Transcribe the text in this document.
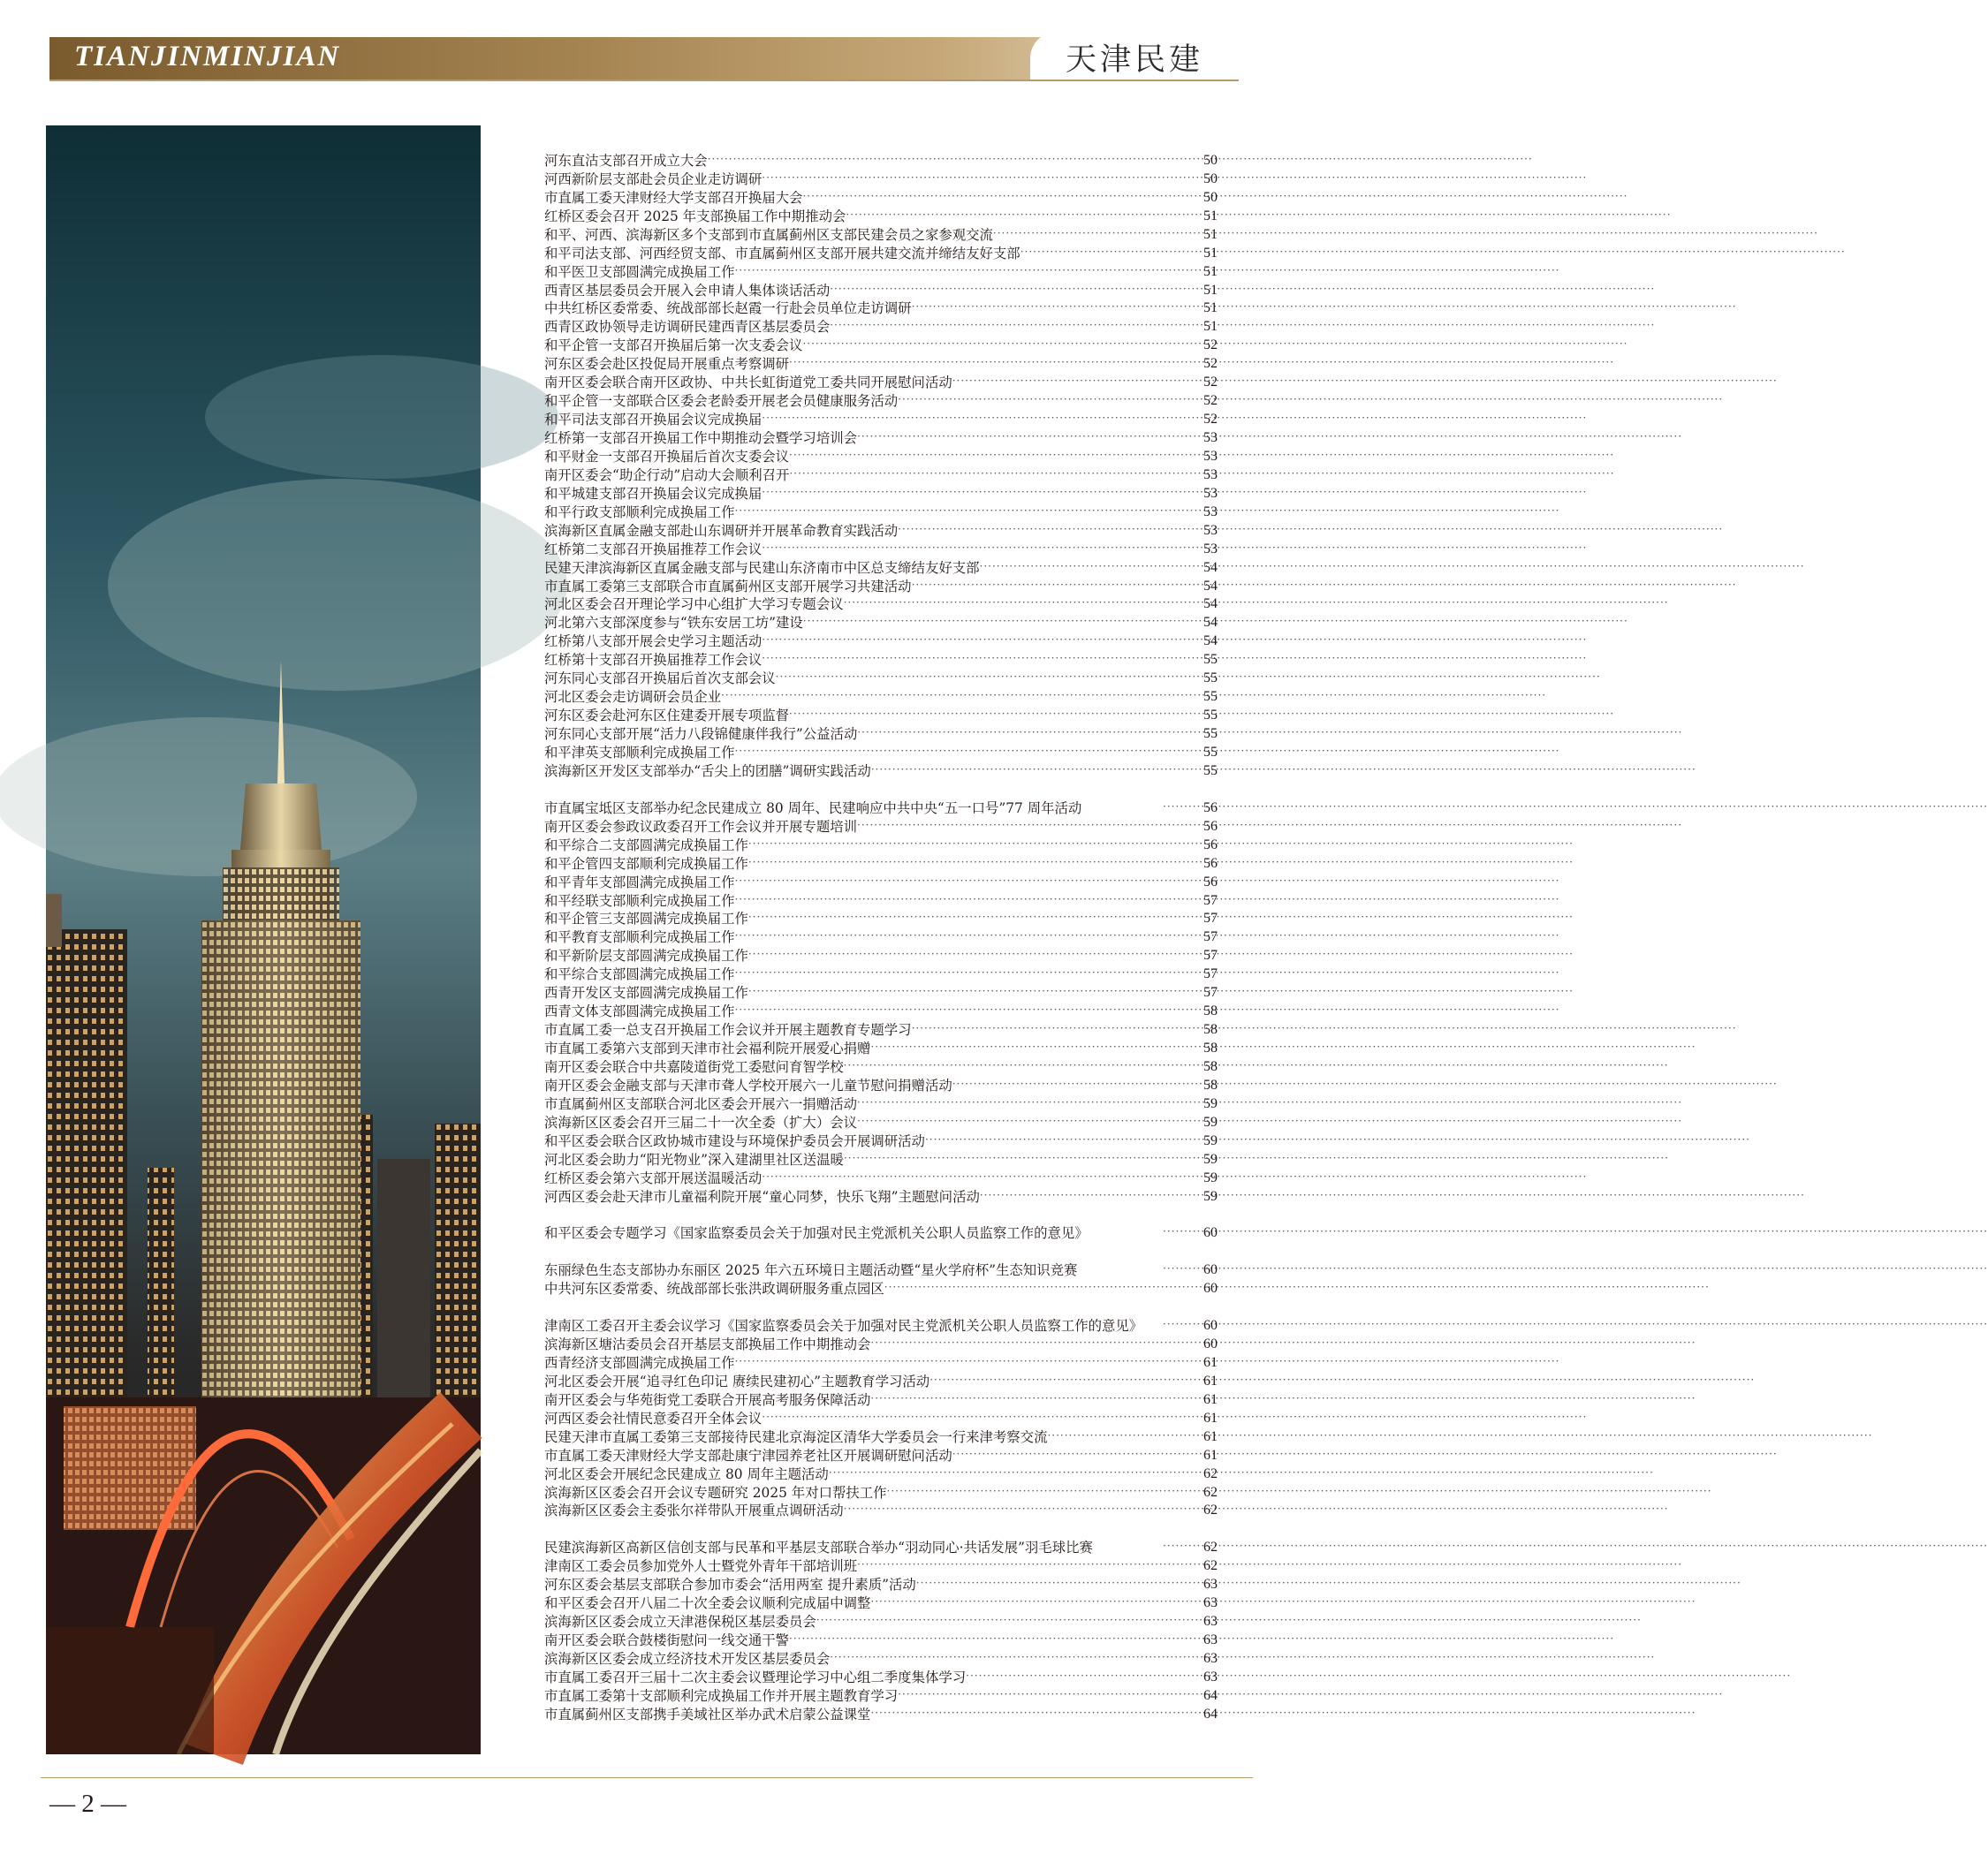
TIANJINMINJIAN	天津民建
河东直沽支部召开成立大会 ·····	50
河西新阶层支部赴会员企业走访调研 ·····	50
市直属工委天津财经大学支部召开换届大会 ·····	50
红桥区委会召开 2025 年支部换届工作中期推动会 ·····	51
和平、河西、滨海新区多个支部到市直属蓟州区支部民建会员之家参观交流 ·····	51
和平司法支部、河西经贸支部、市直属蓟州区支部开展共建交流并缔结友好支部 ·····	51
和平医卫支部圆满完成换届工作 ·····	51
西青区基层委员会开展入会申请人集体谈话活动 ·····	51
中共红桥区委常委、统战部部长赵霞一行赴会员单位走访调研 ·····	51
西青区政协领导走访调研民建西青区基层委员会 ·····	51
和平企管一支部召开换届后第一次支委会议 ·····	52
河东区委会赴区投促局开展重点考察调研 ·····	52
南开区委会联合南开区政协、中共长虹街道党工委共同开展慰问活动 ·····	52
和平企管一支部联合区委会老龄委开展老会员健康服务活动 ·····	52
和平司法支部召开换届会议完成换届 ·····	52
红桥第一支部召开换届工作中期推动会暨学习培训会 ·····	53
和平财金一支部召开换届后首次支委会议 ·····	53
南开区委会“助企行动”启动大会顺利召开 ·····	53
和平城建支部召开换届会议完成换届 ·····	53
和平行政支部顺利完成换届工作 ·····	53
滨海新区直属金融支部赴山东调研并开展革命教育实践活动 ·····	53
红桥第二支部召开换届推荐工作会议 ·····	53
民建天津滨海新区直属金融支部与民建山东济南市中区总支缔结友好支部 ·····	54
市直属工委第三支部联合市直属蓟州区支部开展学习共建活动 ·····	54
河北区委会召开理论学习中心组扩大学习专题会议 ·····	54
河北第六支部深度参与“铁东安居工坊”建设 ·····	54
红桥第八支部开展会史学习主题活动 ·····	54
红桥第十支部召开换届推荐工作会议 ·····	55
河东同心支部召开换届后首次支部会议 ·····	55
河北区委会走访调研会员企业 ·····	55
河东区委会赴河东区住建委开展专项监督 ·····	55
河东同心支部开展“活力八段锦健康伴我行”公益活动 ·····	55
和平津英支部顺利完成换届工作 ·····	55
滨海新区开发区支部举办“舌尖上的团膳”调研实践活动 ·····	55
市直属宝坻区支部举办纪念民建成立 80 周年、民建响应中共中央“五一口号”77 周年活动 ·····	56
南开区委会参政议政委召开工作会议并开展专题培训 ·····	56
和平综合二支部圆满完成换届工作 ·····	56
和平企管四支部顺利完成换届工作 ·····	56
和平青年支部圆满完成换届工作 ·····	56
和平经联支部顺利完成换届工作 ·····	57
和平企管三支部圆满完成换届工作 ·····	57
和平教育支部顺利完成换届工作 ·····	57
和平新阶层支部圆满完成换届工作 ·····	57
和平综合支部圆满完成换届工作 ·····	57
西青开发区支部圆满完成换届工作 ·····	57
西青文体支部圆满完成换届工作 ·····	58
市直属工委一总支召开换届工作会议并开展主题教育专题学习 ·····	58
市直属工委第六支部到天津市社会福利院开展爱心捐赠 ·····	58
南开区委会联合中共嘉陵道街党工委慰问育智学校 ·····	58
南开区委会金融支部与天津市聋人学校开展六一儿童节慰问捐赠活动 ·····	58
市直属蓟州区支部联合河北区委会开展六一捐赠活动 ·····	59
滨海新区区委会召开三届二十一次全委（扩大）会议 ·····	59
和平区委会联合区政协城市建设与环境保护委员会开展调研活动 ·····	59
河北区委会助力“阳光物业”深入建湖里社区送温暖 ·····	59
红桥区委会第六支部开展送温暖活动 ·····	59
河西区委会赴天津市儿童福利院开展“童心同梦，快乐飞翔”主题慰问活动 ·····	59
和平区委会专题学习《国家监察委员会关于加强对民主党派机关公职人员监察工作的意见》 ·····	60
东丽绿色生态支部协办东丽区 2025 年六五环境日主题活动暨“星火学府杯”生态知识竞赛 ·····	60
中共河东区委常委、统战部部长张洪政调研服务重点园区 ·····	60
津南区工委召开主委会议学习《国家监察委员会关于加强对民主党派机关公职人员监察工作的意见》 ·····	60
滨海新区塘沽委员会召开基层支部换届工作中期推动会 ·····	60
西青经济支部圆满完成换届工作 ·····	61
河北区委会开展“追寻红色印记 赓续民建初心”主题教育学习活动 ·····	61
南开区委会与华苑街党工委联合开展高考服务保障活动 ·····	61
河西区委会社情民意委召开全体会议 ·····	61
民建天津市直属工委第三支部接待民建北京海淀区清华大学委员会一行来津考察交流 ·····	61
市直属工委天津财经大学支部赴康宁津园养老社区开展调研慰问活动 ·····	61
河北区委会开展纪念民建成立 80 周年主题活动 ·····	62
滨海新区区委会召开会议专题研究 2025 年对口帮扶工作 ·····	62
滨海新区区委会主委张尔祥带队开展重点调研活动 ·····	62
民建滨海新区高新区信创支部与民革和平基层支部联合举办“羽动同心·共话发展”羽毛球比赛 ·····	62
津南区工委会员参加党外人士暨党外青年干部培训班 ·····	62
河东区委会基层支部联合参加市委会“活用两室 提升素质”活动 ·····	63
和平区委会召开八届二十次全委会议顺利完成届中调整 ·····	63
滨海新区区委会成立天津港保税区基层委员会 ·····	63
南开区委会联合鼓楼街慰问一线交通干警 ·····	63
滨海新区区委会成立经济技术开发区基层委员会 ·····	63
市直属工委召开三届十二次主委会议暨理论学习中心组二季度集体学习 ·····	63
市直属工委第十支部顺利完成换届工作并开展主题教育学习 ·····	64
市直属蓟州区支部携手美域社区举办武术启蒙公益课堂 ·····	64
— 2 —
